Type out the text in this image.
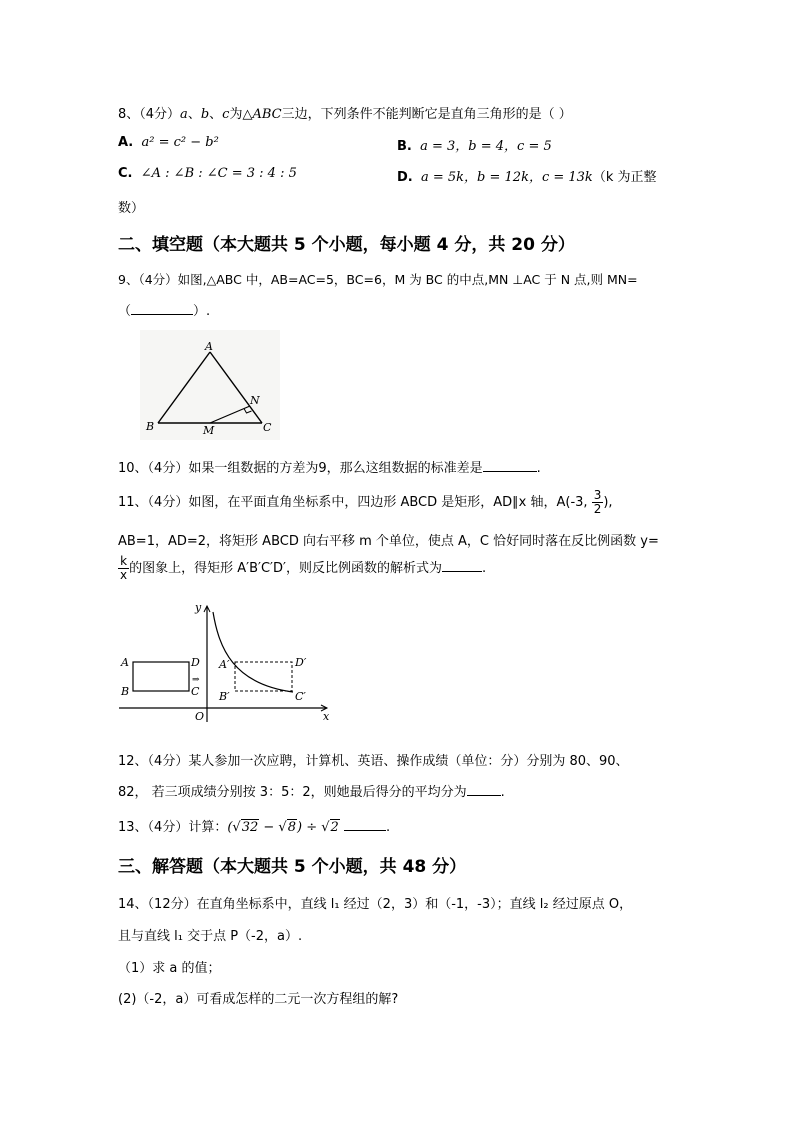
8、（4分）a、b、c为△ABC三边，下列条件不能判断它是直角三角形的是（ ）
A. a² = c² − b²	B. a = 3，b = 4，c = 5
C. ∠A : ∠B : ∠C = 3 : 4 : 5	D. a = 5k，b = 12k，c = 13k（k 为正整
数）
二、填空题（本大题共 5 个小题，每小题 4 分，共 20 分）
9、（4分）如图,△ABC 中，AB=AC=5，BC=6，M 为 BC 的中点,MN ⊥AC 于 N 点,则 MN=
（	）.
A
B	C
M
N
10、（4分）如果一组数据的方差为9，那么这组数据的标准差是	.
11、（4分）如图，在平面直角坐标系中，四边形 ABCD 是矩形，AD∥x 轴，A(-3, $\frac{3}{2}$ ),
AB=1，AD=2，将矩形 ABCD 向右平移 m 个单位，使点 A，C 恰好同时落在反比例函数 y=
$\frac{k}{x}$ 的图象上，得矩形 A′B′C′D′，则反比例函数的解析式为	.
A
B	C
D
⇒
A′
B′	C′
D′
O
y
x
12、（4分）某人参加一次应聘，计算机、英语、操作成绩（单位：分）分别为 80、90、
82， 若三项成绩分别按 3：5：2，则她最后得分的平均分为	.
13、（4分）计算：(√32 − √8) ÷ √2	.
三、解答题（本大题共 5 个小题，共 48 分）
14、（12分）在直角坐标系中，直线 l₁ 经过（2，3）和（-1，-3）；直线 l₂ 经过原点 O，
且与直线 l₁ 交于点 P（-2，a）.
（1）求 a 的值；
(2)（-2，a）可看成怎样的二元一次方程组的解?
